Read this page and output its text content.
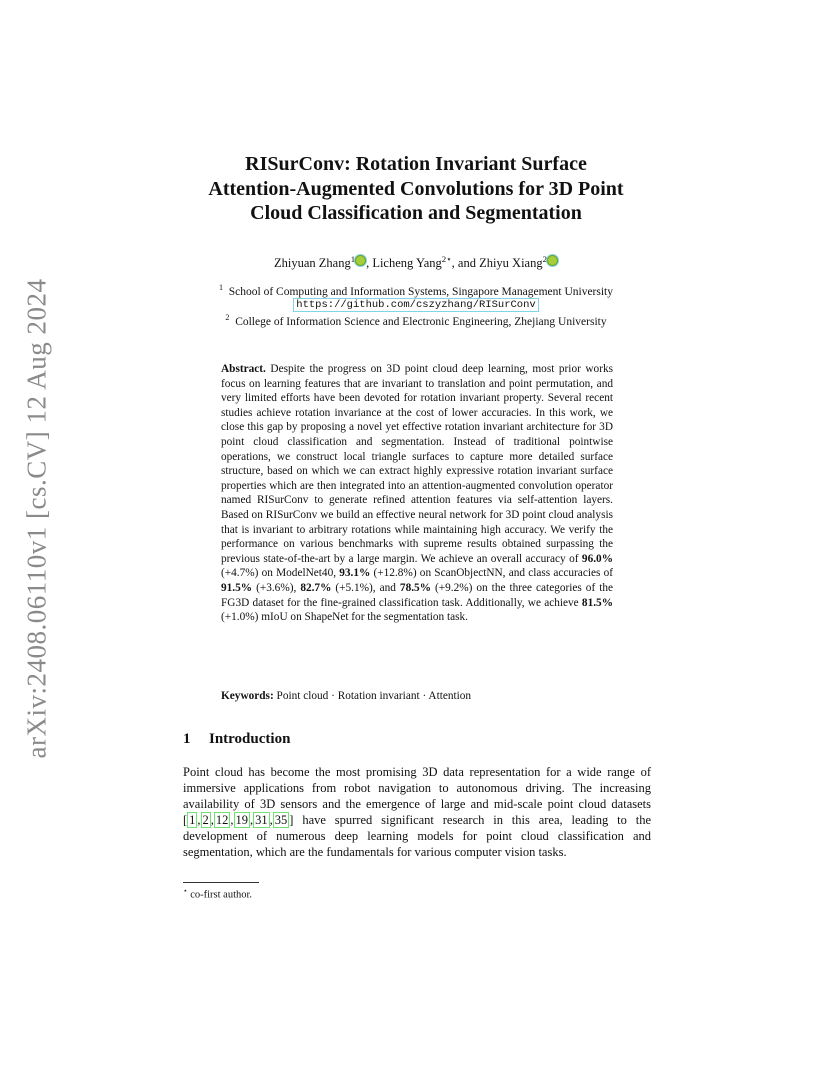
arXiv:2408.06110v1 [cs.CV] 12 Aug 2024
RISurConv: Rotation Invariant Surface
Attention-Augmented Convolutions for 3D Point
Cloud Classification and Segmentation
Zhiyuan Zhang$^1$ , Licheng Yang$^{2⋆}$, and Zhiyu Xiang$^2$
$^1$ School of Computing and Information Systems, Singapore Management University
https://github.com/cszyzhang/RISurConv
$^2$ College of Information Science and Electronic Engineering, Zhejiang University

Abstract. Despite the progress on 3D point cloud deep learning, most prior works focus on learning features that are invariant to translation and point permutation, and very limited efforts have been devoted for rotation invariant property. Several recent studies achieve rotation invariance at the cost of lower accuracies. In this work, we close this gap by proposing a novel yet effective rotation invariant architecture for 3D point cloud classification and segmentation. Instead of traditional pointwise operations, we construct local triangle surfaces to capture more detailed surface structure, based on which we can extract highly expressive rotation invariant surface properties which are then integrated into an attention-augmented convolution operator named RISurConv to generate refined attention features via self-attention layers. Based on RISurConv we build an effective neural network for 3D point cloud analysis that is invariant to arbitrary rotations while maintaining high accuracy. We verify the performance on various benchmarks with supreme results obtained surpassing the previous state-of-the-art by a large margin. We achieve an overall accuracy of 96.0% (+4.7%) on ModelNet40, 93.1% (+12.8%) on ScanObjectNN, and class accuracies of 91.5% (+3.6%), 82.7% (+5.1%), and 78.5% (+9.2%) on the three categories of the FG3D dataset for the fine-grained classification task. Additionally, we achieve 81.5% (+1.0%) mIoU on ShapeNet for the segmentation task.

Keywords: Point cloud · Rotation invariant · Attention
1 Introduction

Point cloud has become the most promising 3D data representation for a wide range of immersive applications from robot navigation to autonomous driving. The increasing availability of 3D sensors and the emergence of large and mid-scale point cloud datasets [ 1 , 2 , 12 , 19 , 31 , 35 ] have spurred significant research in this area, leading to the development of numerous deep learning models for point cloud classification and segmentation, which are the fundamentals for various computer vision tasks.

⋆ co-first author.
